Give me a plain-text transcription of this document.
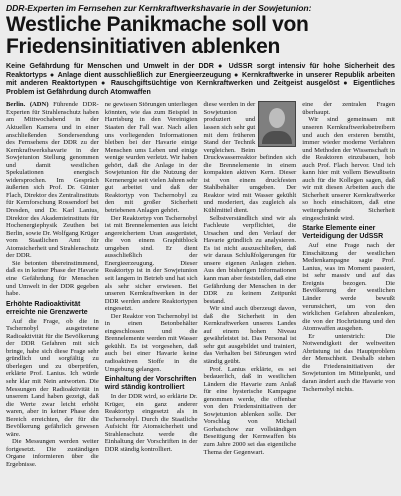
DDR-Experten im Fernsehen zur Kernkraftwerkshavarie in der Sowjetunion:
Westliche Panikmache soll von Friedensinitiativen ablenken
Keine Gefährdung für Menschen und Umwelt in der DDR ● UdSSR sorgt intensiv für hohe Sicherheit des Reaktortyps ● Anlage dient ausschließlich zur Energieerzeugung ● Kernkraftwerke in unserer Republik arbeiten mit anderen Reaktortypen ● Rauschgiftsüchtige von Kernkraftwerken und Zeitgeist ausgelöst ● Eigentliches Problem ist Gefährdung durch Atomwaffen

Berlin. (ADN) Führende DDR-Experten für Strahlenschutz haben am Mittwochabend in der Aktuellen Kamera und in einer anschließenden Sondersendung des Fernsehens der DDR zu der Kernkraftwerkshavarie in der Sowjetunion Stellung genommen und damit westlichen Spekulationen energisch widersprochen. Im Gespräch äußerten sich Prof. Dr. Günter Flach, Direktor des Zentralinstituts für Kernforschung Rossendorf bei Dresden, und Dr. Karl Lanius, Direktor des Akademieinstituts für Hochenergiephysik Zeuthen bei Berlin, sowie Dr. Wolfgang Krüger vom Staatlichen Amt für Atomsicherheit und Strahlenschutz der DDR.

Sie betonten übereinstimmend, daß es in keiner Phase der Havarie eine Gefährdung für Menschen und Umwelt in der DDR gegeben habe.

Erhöhte Radioaktivität erreichte nie Grenzwerte

Auf die Frage, ob die in Tschernobyl ausgetretene Radioaktivität für die Bevölkerung der DDR Gefahren mit sich bringe, habe sich diese Frage sehr gründlich und sorgfältig zu überlegen und zu überprüfen, erklärte Prof. Lanius. Ich würde sehr klar mit Nein antworten. Die Messungen der Radioaktivität in unserem Land haben gezeigt, daß die Werte zwar leicht erhöht waren, aber in keiner Phase den Bereich erreichten, der für die Bevölkerung gefährlich gewesen wäre.

Die Messungen werden weiter fortgesetzt. Die zuständigen Organe informieren über die Ergebnisse.

ne gewissen Störungen unterliegen könnten, wie das zum Beispiel in Harrisburg in den Vereinigten Staaten der Fall war. Nach allen uns vorliegenden Informationen bleiben bei der Havarie einige Menschen ums Leben und einige wenige wurden verletzt. Wir haben gehört, daß die Anlage in der Sowjetunion für die Nutzung der Kernenergie seit vielen Jahren sehr gut arbeitet und daß der Reaktortyp von Tschernobyl zu den mit großer Sicherheit betriebenen Anlagen gehört.

Der Reaktortyp von Tschernobyl ist mit Brennelementen aus leicht angereichertem Uran ausgerüstet, die von einem Graphitblock umgeben sind. Er dient ausschließlich der Energieerzeugung. Dieser Reaktortyp ist in der Sowjetunion seit langem in Betrieb und hat sich als sehr sicher erwiesen. Bei unseren Kernkraftwerken in der DDR werden andere Reaktortypen eingesetzt.

Der Reaktor von Tschernobyl ist in einen Betonbehälter eingeschlossen und die Brennelemente werden mit Wasser gekühlt. Es ist vorgesehen, daß auch bei einer Havarie keine radioaktiven Stoffe in die Umgebung gelangen.

Einhaltung der Vorschriften wird ständig kontrolliert

In der DDR wird, so erklärte Dr. Krüger, ein ganz anderer Reaktortyp eingesetzt als in Tschernobyl. Durch die Staatliche Aufsicht für Atomsicherheit und Strahlenschutz werde die Einhaltung der Vorschriften in der DDR ständig kontrolliert.

diese werden in der Sowjetunion produziert und lassen sich sehr gut mit dem früheren Stand der Technik vergleichen. Beim Druckwasserreaktor befinden sich die Brennelemente in einem kompakten aktiven Kern. Dieser ist von einem druckfesten Stahlbehälter umgeben. Der Reaktor wird mit Wasser gekühlt und moderiert, das zugleich als Kühlmittel dient.

Selbstverständlich sind wir als Fachleute verpflichtet, die Ursachen und den Verlauf der Havarie gründlich zu analysieren. Es ist nicht auszuschließen, daß wir daraus Schlußfolgerungen für unsere eigenen Anlagen ziehen. Aus den bisherigen Informationen kann man aber feststellen, daß eine Gefährdung der Menschen in der DDR zu keinem Zeitpunkt bestand.

Wir sind auch überzeugt davon, daß die Sicherheit in den Kernkraftwerken unseres Landes auf einem hohen Niveau gewährleistet ist. Das Personal ist sehr gut ausgebildet und trainiert, das Verhalten bei Störungen wird ständig geübt.

Prof. Lanius erklärte, es sei bedauerlich, daß in westlichen Ländern die Havarie zum Anlaß für eine hysterische Kampagne genommen werde, die offenbar von den Friedensinitiativen der Sowjetunion ablenken solle. Der Vorschlag von Michail Gorbatschow zur vollständigen Beseitigung der Kernwaffen bis zum Jahre 2000 sei das eigentliche Thema der Gegenwart.

eine der zentralen Fragen überhaupt.

Wir sind gemeinsam mit unseren Kernkraftwerksbetreibern und auch den ersteren bemüht, immer wieder moderne Verfahren und Methoden der Wissenschaft in die Reaktoren einzubauen, hob auch Prof. Flach hervor. Und ich kann hier mit vollem Bewußtsein auch für die Kollegen sagen, daß wir mit diesen Arbeiten auch die Sicherheit unserer Kernkraftwerke so hoch einschätzen, daß eine weitergehende Sicherheit eingeschränkt wird.

Starke Elemente einer Verteidigung der UdSSR

Auf eine Frage nach der Einschätzung der westlichen Medienkampagne sagte Prof. Lanius, was im Moment passiert, ist sehr massiv und auf das Ereignis bezogen. Die Bevölkerung der westlichen Länder werde bewußt verunsichert, um von den wirklichen Gefahren abzulenken, die von der Hochrüstung und den Atomwaffen ausgehen.

Er unterstrich: Die Notwendigkeit der weltweiten Abrüstung ist das Hauptproblem der Menschheit. Deshalb stehen die Friedensinitiativen der Sowjetunion im Mittelpunkt, und daran ändert auch die Havarie von Tschernobyl nichts.
